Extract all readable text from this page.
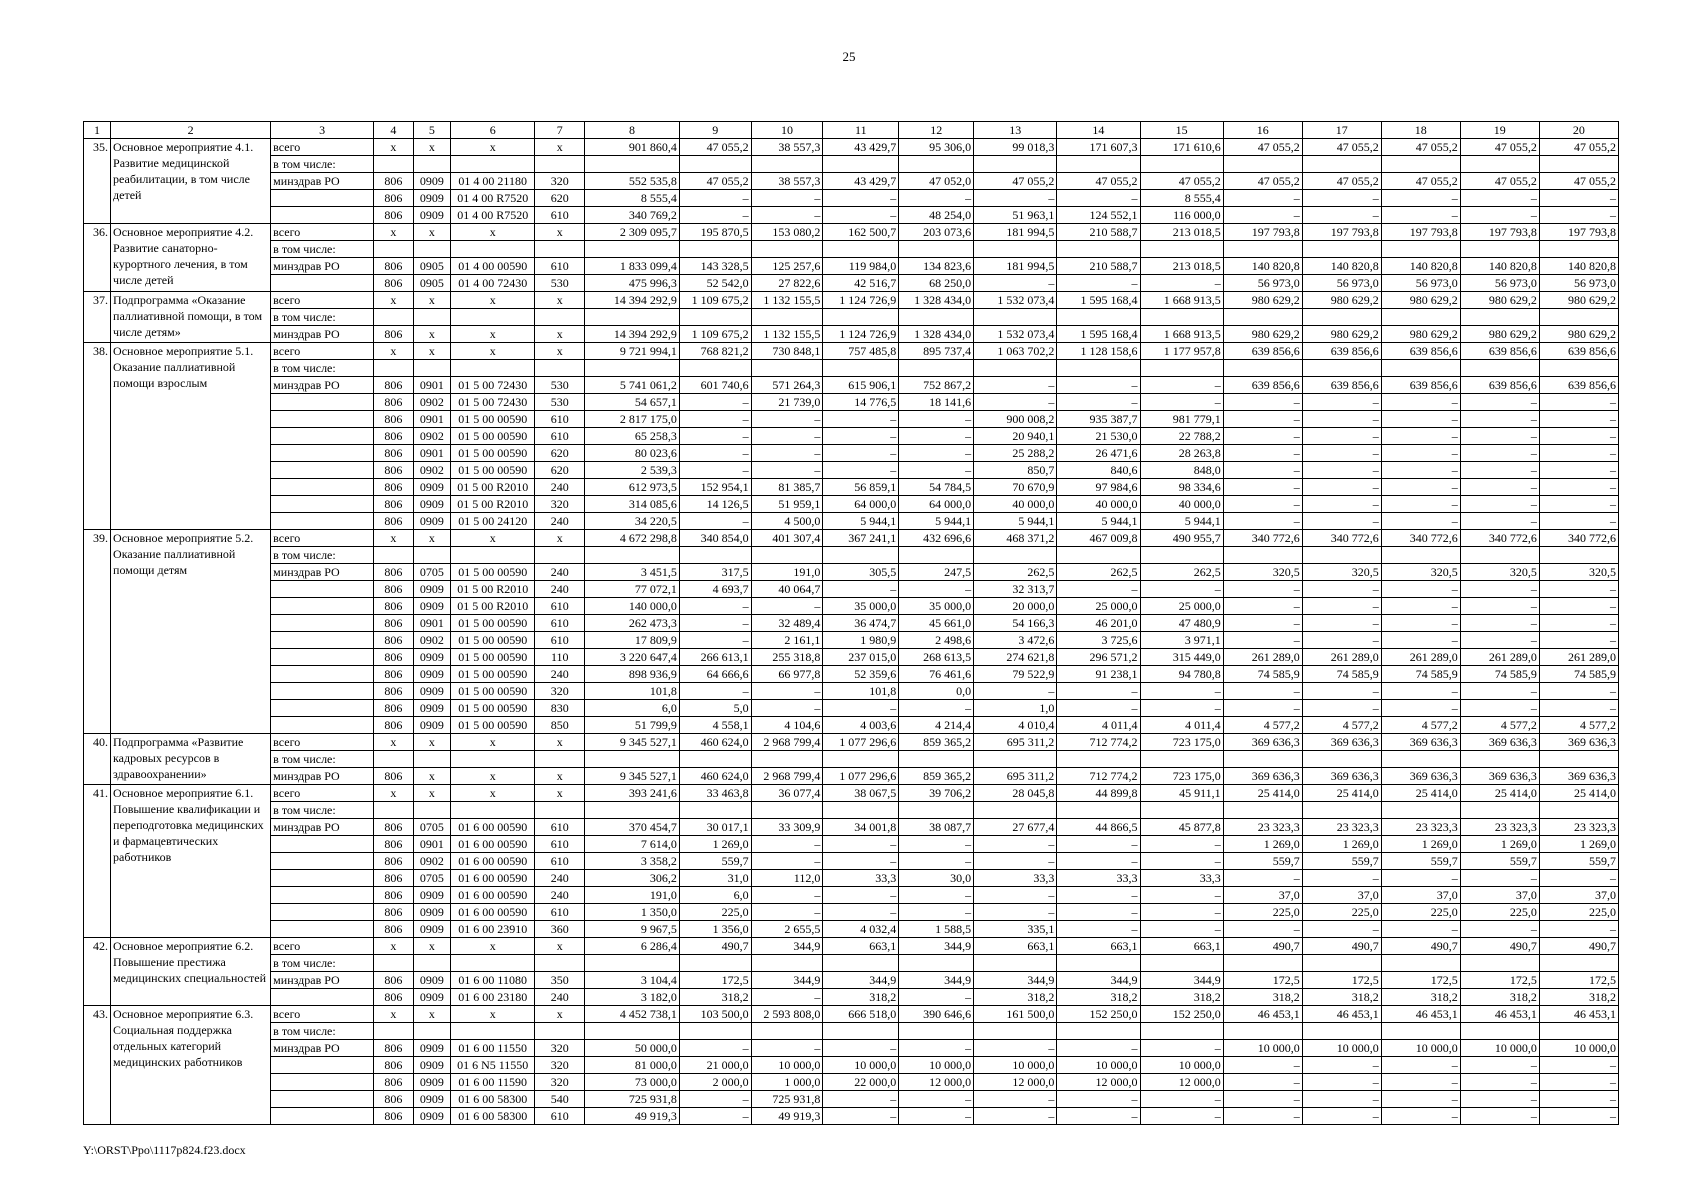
25
1	2	3	4	5	6	7	8	9	10	11	12	13	14	15	16	17	18	19	20
35.	Основное мероприятие 4.1. Развитие медицинской реабилитации, в том числе детей	всего	x	x	x	x	901 860,4	47 055,2	38 557,3	43 429,7	95 306,0	99 018,3	171 607,3	171 610,6	47 055,2	47 055,2	47 055,2	47 055,2	47 055,2
		в том числе:																	
		минздрав РО	806	0909	01 4 00 21180	320	552 535,8	47 055,2	38 557,3	43 429,7	47 052,0	47 055,2	47 055,2	47 055,2	47 055,2	47 055,2	47 055,2	47 055,2	47 055,2
			806	0909	01 4 00 R7520	620	8 555,4	–	–	–	–	–	–	8 555,4	–	–	–	–	–
			806	0909	01 4 00 R7520	610	340 769,2	–	–	–	48 254,0	51 963,1	124 552,1	116 000,0	–	–	–	–	–
36.	Основное мероприятие 4.2. Развитие санаторно-курортного лечения, в том числе детей	всего	x	x	x	x	2 309 095,7	195 870,5	153 080,2	162 500,7	203 073,6	181 994,5	210 588,7	213 018,5	197 793,8	197 793,8	197 793,8	197 793,8	197 793,8
		в том числе:																	
		минздрав РО	806	0905	01 4 00 00590	610	1 833 099,4	143 328,5	125 257,6	119 984,0	134 823,6	181 994,5	210 588,7	213 018,5	140 820,8	140 820,8	140 820,8	140 820,8	140 820,8
			806	0905	01 4 00 72430	530	475 996,3	52 542,0	27 822,6	42 516,7	68 250,0	–	–	–	56 973,0	56 973,0	56 973,0	56 973,0	56 973,0
37.	Подпрограмма «Оказание паллиативной помощи, в том числе детям»	всего	x	x	x	x	14 394 292,9	1 109 675,2	1 132 155,5	1 124 726,9	1 328 434,0	1 532 073,4	1 595 168,4	1 668 913,5	980 629,2	980 629,2	980 629,2	980 629,2	980 629,2
		в том числе:																	
		минздрав РО	806	x	x	x	14 394 292,9	1 109 675,2	1 132 155,5	1 124 726,9	1 328 434,0	1 532 073,4	1 595 168,4	1 668 913,5	980 629,2	980 629,2	980 629,2	980 629,2	980 629,2
38.	Основное мероприятие 5.1. Оказание паллиативной помощи взрослым	всего	x	x	x	x	9 721 994,1	768 821,2	730 848,1	757 485,8	895 737,4	1 063 702,2	1 128 158,6	1 177 957,8	639 856,6	639 856,6	639 856,6	639 856,6	639 856,6
		в том числе:																	
		минздрав РО	806	0901	01 5 00 72430	530	5 741 061,2	601 740,6	571 264,3	615 906,1	752 867,2	–	–	–	639 856,6	639 856,6	639 856,6	639 856,6	639 856,6
			806	0902	01 5 00 72430	530	54 657,1	–	21 739,0	14 776,5	18 141,6	–	–	–	–	–	–	–	–
			806	0901	01 5 00 00590	610	2 817 175,0	–	–	–	–	900 008,2	935 387,7	981 779,1	–	–	–	–	–
			806	0902	01 5 00 00590	610	65 258,3	–	–	–	–	20 940,1	21 530,0	22 788,2	–	–	–	–	–
			806	0901	01 5 00 00590	620	80 023,6	–	–	–	–	25 288,2	26 471,6	28 263,8	–	–	–	–	–
			806	0902	01 5 00 00590	620	2 539,3	–	–	–	–	850,7	840,6	848,0	–	–	–	–	–
			806	0909	01 5 00 R2010	240	612 973,5	152 954,1	81 385,7	56 859,1	54 784,5	70 670,9	97 984,6	98 334,6	–	–	–	–	–
			806	0909	01 5 00 R2010	320	314 085,6	14 126,5	51 959,1	64 000,0	64 000,0	40 000,0	40 000,0	40 000,0	–	–	–	–	–
			806	0909	01 5 00 24120	240	34 220,5	–	4 500,0	5 944,1	5 944,1	5 944,1	5 944,1	5 944,1	–	–	–	–	–
39.	Основное мероприятие 5.2. Оказание паллиативной помощи детям	всего	x	x	x	x	4 672 298,8	340 854,0	401 307,4	367 241,1	432 696,6	468 371,2	467 009,8	490 955,7	340 772,6	340 772,6	340 772,6	340 772,6	340 772,6
		в том числе:																	
		минздрав РО	806	0705	01 5 00 00590	240	3 451,5	317,5	191,0	305,5	247,5	262,5	262,5	262,5	320,5	320,5	320,5	320,5	320,5
			806	0909	01 5 00 R2010	240	77 072,1	4 693,7	40 064,7	–	–	32 313,7	–	–	–	–	–	–	–
			806	0909	01 5 00 R2010	610	140 000,0	–	–	35 000,0	35 000,0	20 000,0	25 000,0	25 000,0	–	–	–	–	–
			806	0901	01 5 00 00590	610	262 473,3	–	32 489,4	36 474,7	45 661,0	54 166,3	46 201,0	47 480,9	–	–	–	–	–
			806	0902	01 5 00 00590	610	17 809,9	–	2 161,1	1 980,9	2 498,6	3 472,6	3 725,6	3 971,1	–	–	–	–	–
			806	0909	01 5 00 00590	110	3 220 647,4	266 613,1	255 318,8	237 015,0	268 613,5	274 621,8	296 571,2	315 449,0	261 289,0	261 289,0	261 289,0	261 289,0	261 289,0
			806	0909	01 5 00 00590	240	898 936,9	64 666,6	66 977,8	52 359,6	76 461,6	79 522,9	91 238,1	94 780,8	74 585,9	74 585,9	74 585,9	74 585,9	74 585,9
			806	0909	01 5 00 00590	320	101,8	–	–	101,8	0,0	–	–	–	–	–	–	–	–
			806	0909	01 5 00 00590	830	6,0	5,0	–	–	–	1,0	–	–	–	–	–	–	–
			806	0909	01 5 00 00590	850	51 799,9	4 558,1	4 104,6	4 003,6	4 214,4	4 010,4	4 011,4	4 011,4	4 577,2	4 577,2	4 577,2	4 577,2	4 577,2
40.	Подпрограмма «Развитие кадровых ресурсов в здравоохранении»	всего	x	x	x	x	9 345 527,1	460 624,0	2 968 799,4	1 077 296,6	859 365,2	695 311,2	712 774,2	723 175,0	369 636,3	369 636,3	369 636,3	369 636,3	369 636,3
		в том числе:																	
		минздрав РО	806	x	x	x	9 345 527,1	460 624,0	2 968 799,4	1 077 296,6	859 365,2	695 311,2	712 774,2	723 175,0	369 636,3	369 636,3	369 636,3	369 636,3	369 636,3
41.	Основное мероприятие 6.1. Повышение квалификации и переподготовка медицинских и фармацевтических работников	всего	x	x	x	x	393 241,6	33 463,8	36 077,4	38 067,5	39 706,2	28 045,8	44 899,8	45 911,1	25 414,0	25 414,0	25 414,0	25 414,0	25 414,0
		в том числе:																	
		минздрав РО	806	0705	01 6 00 00590	610	370 454,7	30 017,1	33 309,9	34 001,8	38 087,7	27 677,4	44 866,5	45 877,8	23 323,3	23 323,3	23 323,3	23 323,3	23 323,3
			806	0901	01 6 00 00590	610	7 614,0	1 269,0	–	–	–	–	–	–	1 269,0	1 269,0	1 269,0	1 269,0	1 269,0
			806	0902	01 6 00 00590	610	3 358,2	559,7	–	–	–	–	–	–	559,7	559,7	559,7	559,7	559,7
			806	0705	01 6 00 00590	240	306,2	31,0	112,0	33,3	30,0	33,3	33,3	33,3	–	–	–	–	–
			806	0909	01 6 00 00590	240	191,0	6,0	–	–	–	–	–	–	37,0	37,0	37,0	37,0	37,0
			806	0909	01 6 00 00590	610	1 350,0	225,0	–	–	–	–	–	–	225,0	225,0	225,0	225,0	225,0
			806	0909	01 6 00 23910	360	9 967,5	1 356,0	2 655,5	4 032,4	1 588,5	335,1	–	–	–	–	–	–	–
42.	Основное мероприятие 6.2. Повышение престижа медицинских специальностей	всего	x	x	x	x	6 286,4	490,7	344,9	663,1	344,9	663,1	663,1	663,1	490,7	490,7	490,7	490,7	490,7
		в том числе:																	
		минздрав РО	806	0909	01 6 00 11080	350	3 104,4	172,5	344,9	344,9	344,9	344,9	344,9	344,9	172,5	172,5	172,5	172,5	172,5
			806	0909	01 6 00 23180	240	3 182,0	318,2	–	318,2	–	318,2	318,2	318,2	318,2	318,2	318,2	318,2	318,2
43.	Основное мероприятие 6.3. Социальная поддержка отдельных категорий медицинских работников	всего	x	x	x	x	4 452 738,1	103 500,0	2 593 808,0	666 518,0	390 646,6	161 500,0	152 250,0	152 250,0	46 453,1	46 453,1	46 453,1	46 453,1	46 453,1
		в том числе:																	
		минздрав РО	806	0909	01 6 00 11550	320	50 000,0	–	–	–	–	–	–	–	10 000,0	10 000,0	10 000,0	10 000,0	10 000,0
			806	0909	01 6 N5 11550	320	81 000,0	21 000,0	10 000,0	10 000,0	10 000,0	10 000,0	10 000,0	10 000,0	–	–	–	–	–
			806	0909	01 6 00 11590	320	73 000,0	2 000,0	1 000,0	22 000,0	12 000,0	12 000,0	12 000,0	12 000,0	–	–	–	–	–
			806	0909	01 6 00 58300	540	725 931,8	–	725 931,8	–	–	–	–	–	–	–	–	–	–
			806	0909	01 6 00 58300	610	49 919,3	–	49 919,3	–	–	–	–	–	–	–	–	–	–
Y:\ORST\Ppo\1117p824.f23.docx
